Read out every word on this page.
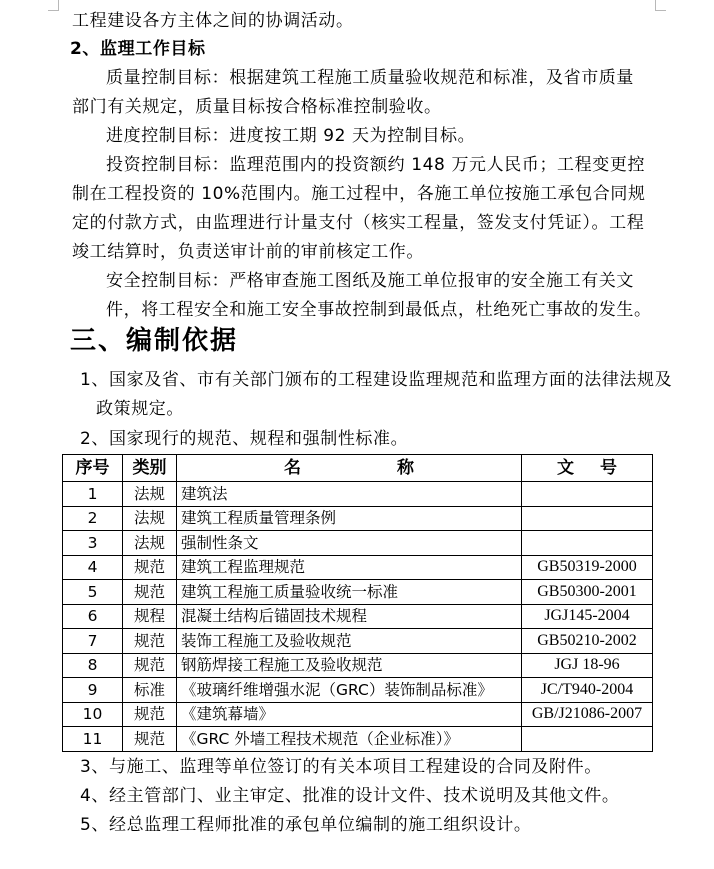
工程建设各方主体之间的协调活动。
2、监理工作目标
质量控制目标：根据建筑工程施工质量验收规范和标准，及省市质量
部门有关规定，质量目标按合格标准控制验收。
进度控制目标：进度按工期 92 天为控制目标。
投资控制目标：监理范围内的投资额约 148 万元人民币；工程变更控
制在工程投资的 10%范围内。施工过程中，各施工单位按施工承包合同规
定的付款方式，由监理进行计量支付（核实工程量，签发支付凭证）。工程
竣工结算时，负责送审计前的审前核定工作。
安全控制目标：严格审查施工图纸及施工单位报审的安全施工有关文
件，将工程安全和施工安全事故控制到最低点，杜绝死亡事故的发生。
三、编制依据
1、国家及省、市有关部门颁布的工程建设监理规范和监理方面的法律法规及
政策规定。
2、国家现行的规范、规程和强制性标准。
序号	类别	名 称	文 号
1	法规	建筑法	
2	法规	建筑工程质量管理条例	
3	法规	强制性条文	
4	规范	建筑工程监理规范	GB50319-2000
5	规范	建筑工程施工质量验收统一标准	GB50300-2001
6	规程	混凝土结构后锚固技术规程	JGJ145-2004
7	规范	装饰工程施工及验收规范	GB50210-2002
8	规范	钢筋焊接工程施工及验收规范	JGJ 18-96
9	标准	《玻璃纤维增强水泥（GRC）装饰制品标准》	JC/T940-2004
10	规范	《建筑幕墙》	GB/J21086-2007
11	规范	《GRC 外墙工程技术规范（企业标准）》	
3、与施工、监理等单位签订的有关本项目工程建设的合同及附件。
4、经主管部门、业主审定、批准的设计文件、技术说明及其他文件。
5、经总监理工程师批准的承包单位编制的施工组织设计。
